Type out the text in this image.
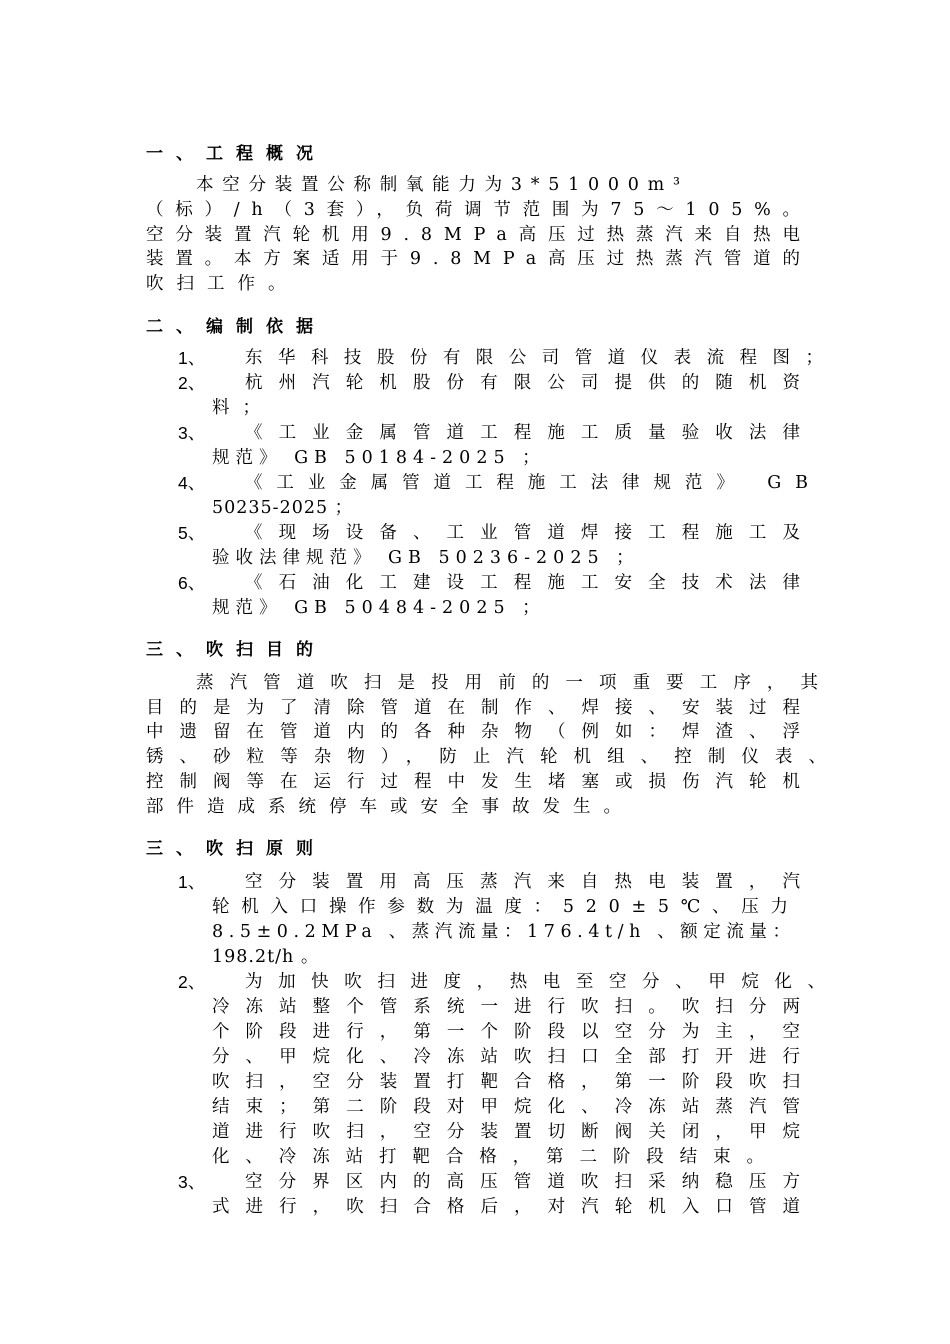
一、工程概况
本空分装置公称制氧能力为3*51000m³
（标）/h（3套），负荷调节范围为75～105%。
空分装置汽轮机用9.8MPa高压过热蒸汽来自热电
装置。本方案适用于9.8MPa高压过热蒸汽管道的
吹扫工作。
二、编制依据
1、 东华科技股份有限公司管道仪表流程图；
2、 杭州汽轮机股份有限公司提供的随机资
料；
3、 《工业金属管道工程施工质量验收法律
规范》 GB 50184-2025 ；
4、 《工业金属管道工程施工法律规范》 GB
50235-2025 ；
5、 《现场设备、工业管道焊接工程施工及
验收法律规范》 GB 50236-2025 ；
6、 《石油化工建设工程施工安全技术法律
规范》 GB 50484-2025 ；
三、吹扫目的
蒸汽管道吹扫是投用前的一项重要工序，其
目的是为了清除管道在制作、焊接、安装过程
中遗留在管道内的各种杂物（例如：焊渣、浮
锈、砂粒等杂物），防止汽轮机组、控制仪表、
控制阀等在运行过程中发生堵塞或损伤汽轮机
部件造成系统停车或安全事故发生。
三、吹扫原则
1、 空分装置用高压蒸汽来自热电装置，汽
轮机入口操作参数为温度：520±5℃、压力
8.5±0.2MPa 、蒸汽流量：176.4t/h 、额定流量：
198.2t/h 。
2、 为加快吹扫进度，热电至空分、甲烷化、
冷冻站整个管系统一进行吹扫。吹扫分两
个阶段进行，第一个阶段以空分为主，空
分、甲烷化、冷冻站吹扫口全部打开进行
吹扫，空分装置打靶合格，第一阶段吹扫
结束；第二阶段对甲烷化、冷冻站蒸汽管
道进行吹扫，空分装置切断阀关闭，甲烷
化、冷冻站打靶合格，第二阶段结束。
3、 空分界区内的高压管道吹扫采纳稳压方
式进行，吹扫合格后，对汽轮机入口管道
